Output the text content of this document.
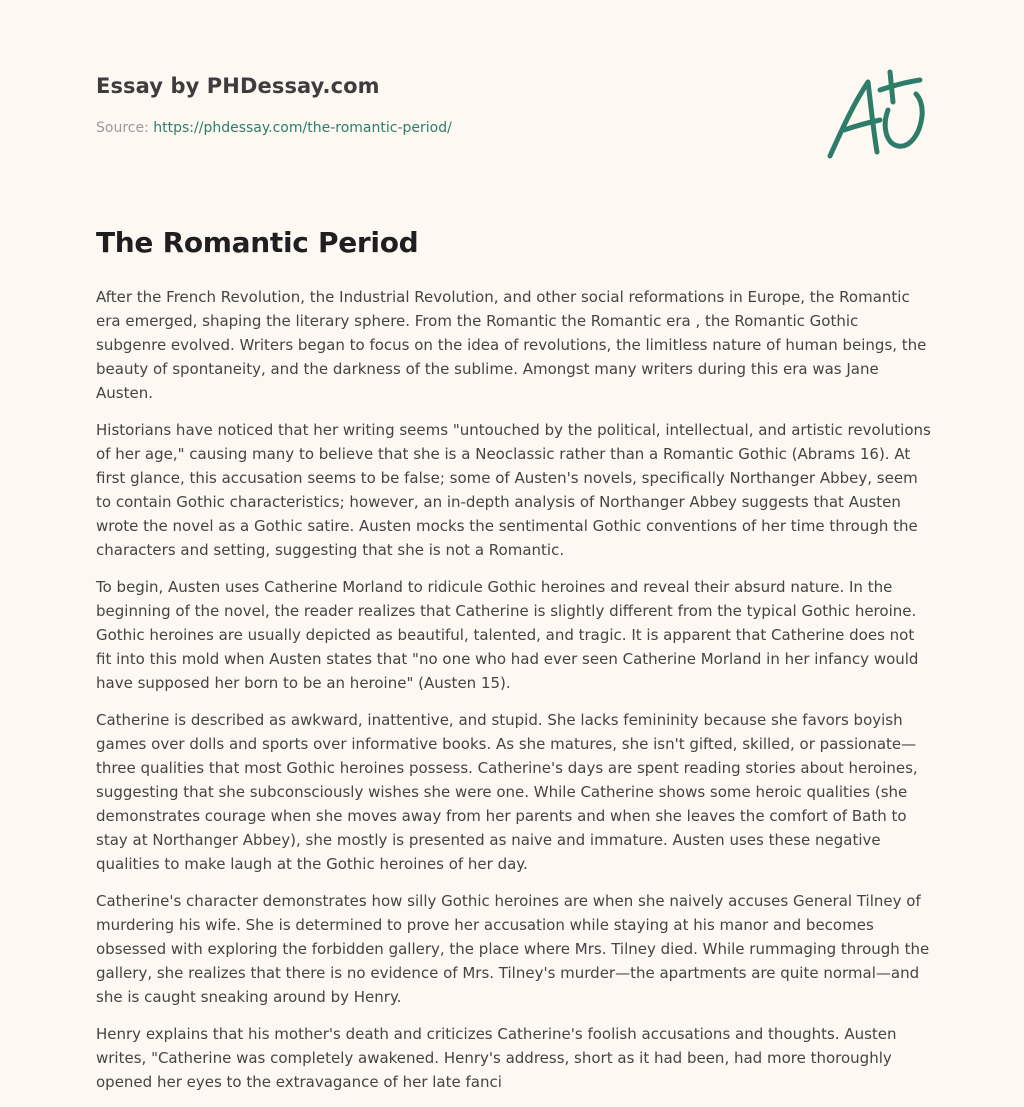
Essay by PHDessay.com
Source: https://phdessay.com/the-romantic-period/
The Romantic Period

After the French Revolution, the Industrial Revolution, and other social reformations in Europe, the Romantic era emerged, shaping the literary sphere. From the Romantic the Romantic era , the Romantic Gothic subgenre evolved. Writers began to focus on the idea of revolutions, the limitless nature of human beings, the beauty of spontaneity, and the darkness of the sublime. Amongst many writers during this era was Jane Austen.

Historians have noticed that her writing seems "untouched by the political, intellectual, and artistic revolutions of her age," causing many to believe that she is a Neoclassic rather than a Romantic Gothic (Abrams 16). At first glance, this accusation seems to be false; some of Austen's novels, specifically Northanger Abbey, seem to contain Gothic characteristics; however, an in-depth analysis of Northanger Abbey suggests that Austen wrote the novel as a Gothic satire. Austen mocks the sentimental Gothic conventions of her time through the characters and setting, suggesting that she is not a Romantic.

To begin, Austen uses Catherine Morland to ridicule Gothic heroines and reveal their absurd nature. In the beginning of the novel, the reader realizes that Catherine is slightly different from the typical Gothic heroine. Gothic heroines are usually depicted as beautiful, talented, and tragic. It is apparent that Catherine does not fit into this mold when Austen states that "no one who had ever seen Catherine Morland in her infancy would have supposed her born to be an heroine" (Austen 15).

Catherine is described as awkward, inattentive, and stupid. She lacks femininity because she favors boyish games over dolls and sports over informative books. As she matures, she isn't gifted, skilled, or passionate—three qualities that most Gothic heroines possess. Catherine's days are spent reading stories about heroines, suggesting that she subconsciously wishes she were one. While Catherine shows some heroic qualities (she demonstrates courage when she moves away from her parents and when she leaves the comfort of Bath to stay at Northanger Abbey), she mostly is presented as naive and immature. Austen uses these negative qualities to make laugh at the Gothic heroines of her day.

Catherine's character demonstrates how silly Gothic heroines are when she naively accuses General Tilney of murdering his wife. She is determined to prove her accusation while staying at his manor and becomes obsessed with exploring the forbidden gallery, the place where Mrs. Tilney died. While rummaging through the gallery, she realizes that there is no evidence of Mrs. Tilney's murder—the apartments are quite normal—and she is caught sneaking around by Henry.

Henry explains that his mother's death and criticizes Catherine's foolish accusations and thoughts. Austen writes, "Catherine was completely awakened. Henry's address, short as it had been, had more thoroughly opened her eyes to the extravagance of her late fanci
